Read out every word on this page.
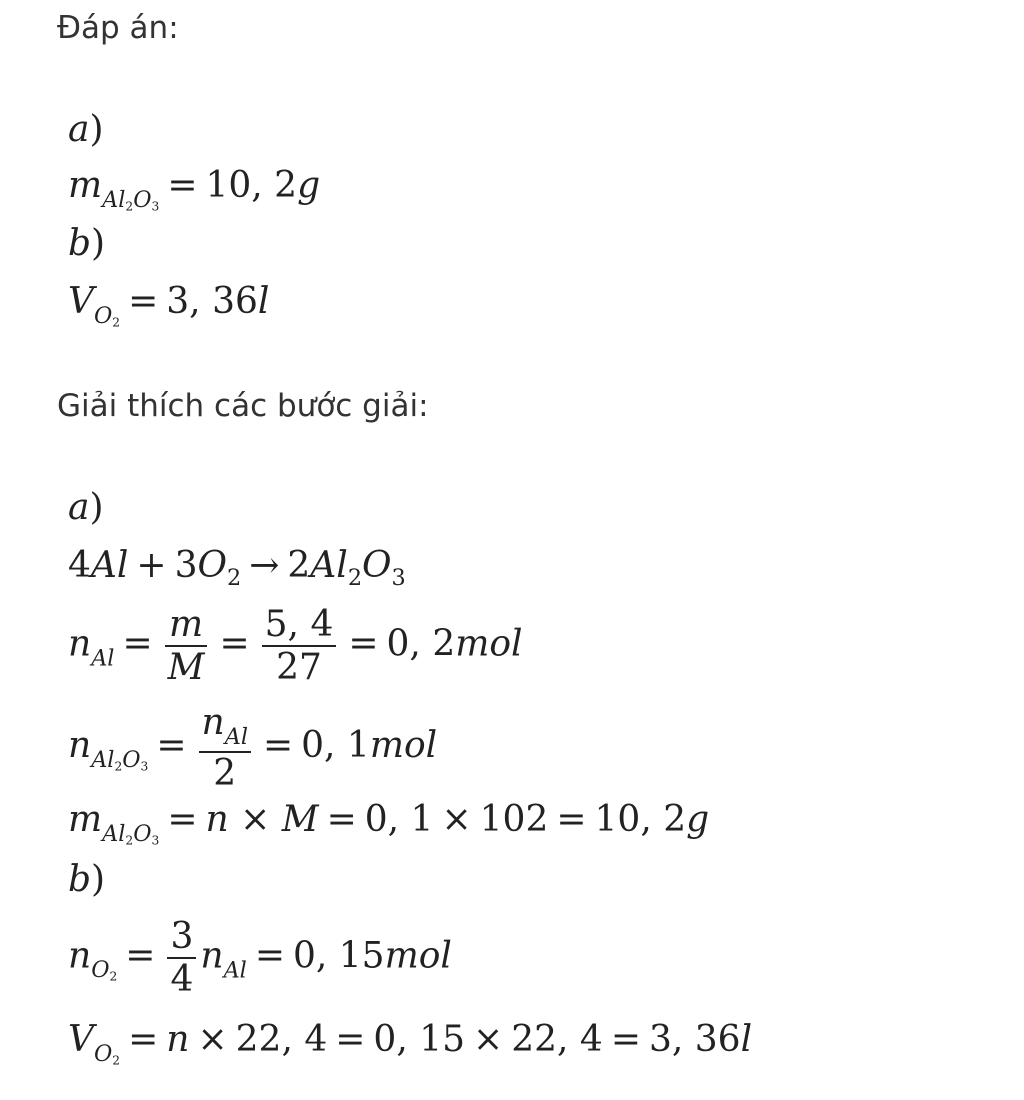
Đáp án:
a)
$m_{Al2O3}= 10$, 2g
b)
$V_{O2}= 3$, 36l
Giải thích các bước giải:
a)
$4Al + 3O_2 \to 2Al_2O_3$
$n_{Al} = \frac{m}{M} = \frac{5, 4}{27} = 0$, 2mol
$n_{Al2O3}= \frac{n_{Al}}{2} = 0$, 1mol
$m_{Al2O3}= n \times M = 0$, 1 × 102 = 10, 2g
b)
$n_{O2}= \frac{3}{4} n_{Al} = 0$, 15mol
$V_{O2}= n \times 22$, 4 = 0, 15 × 22, 4 = 3, 36l
